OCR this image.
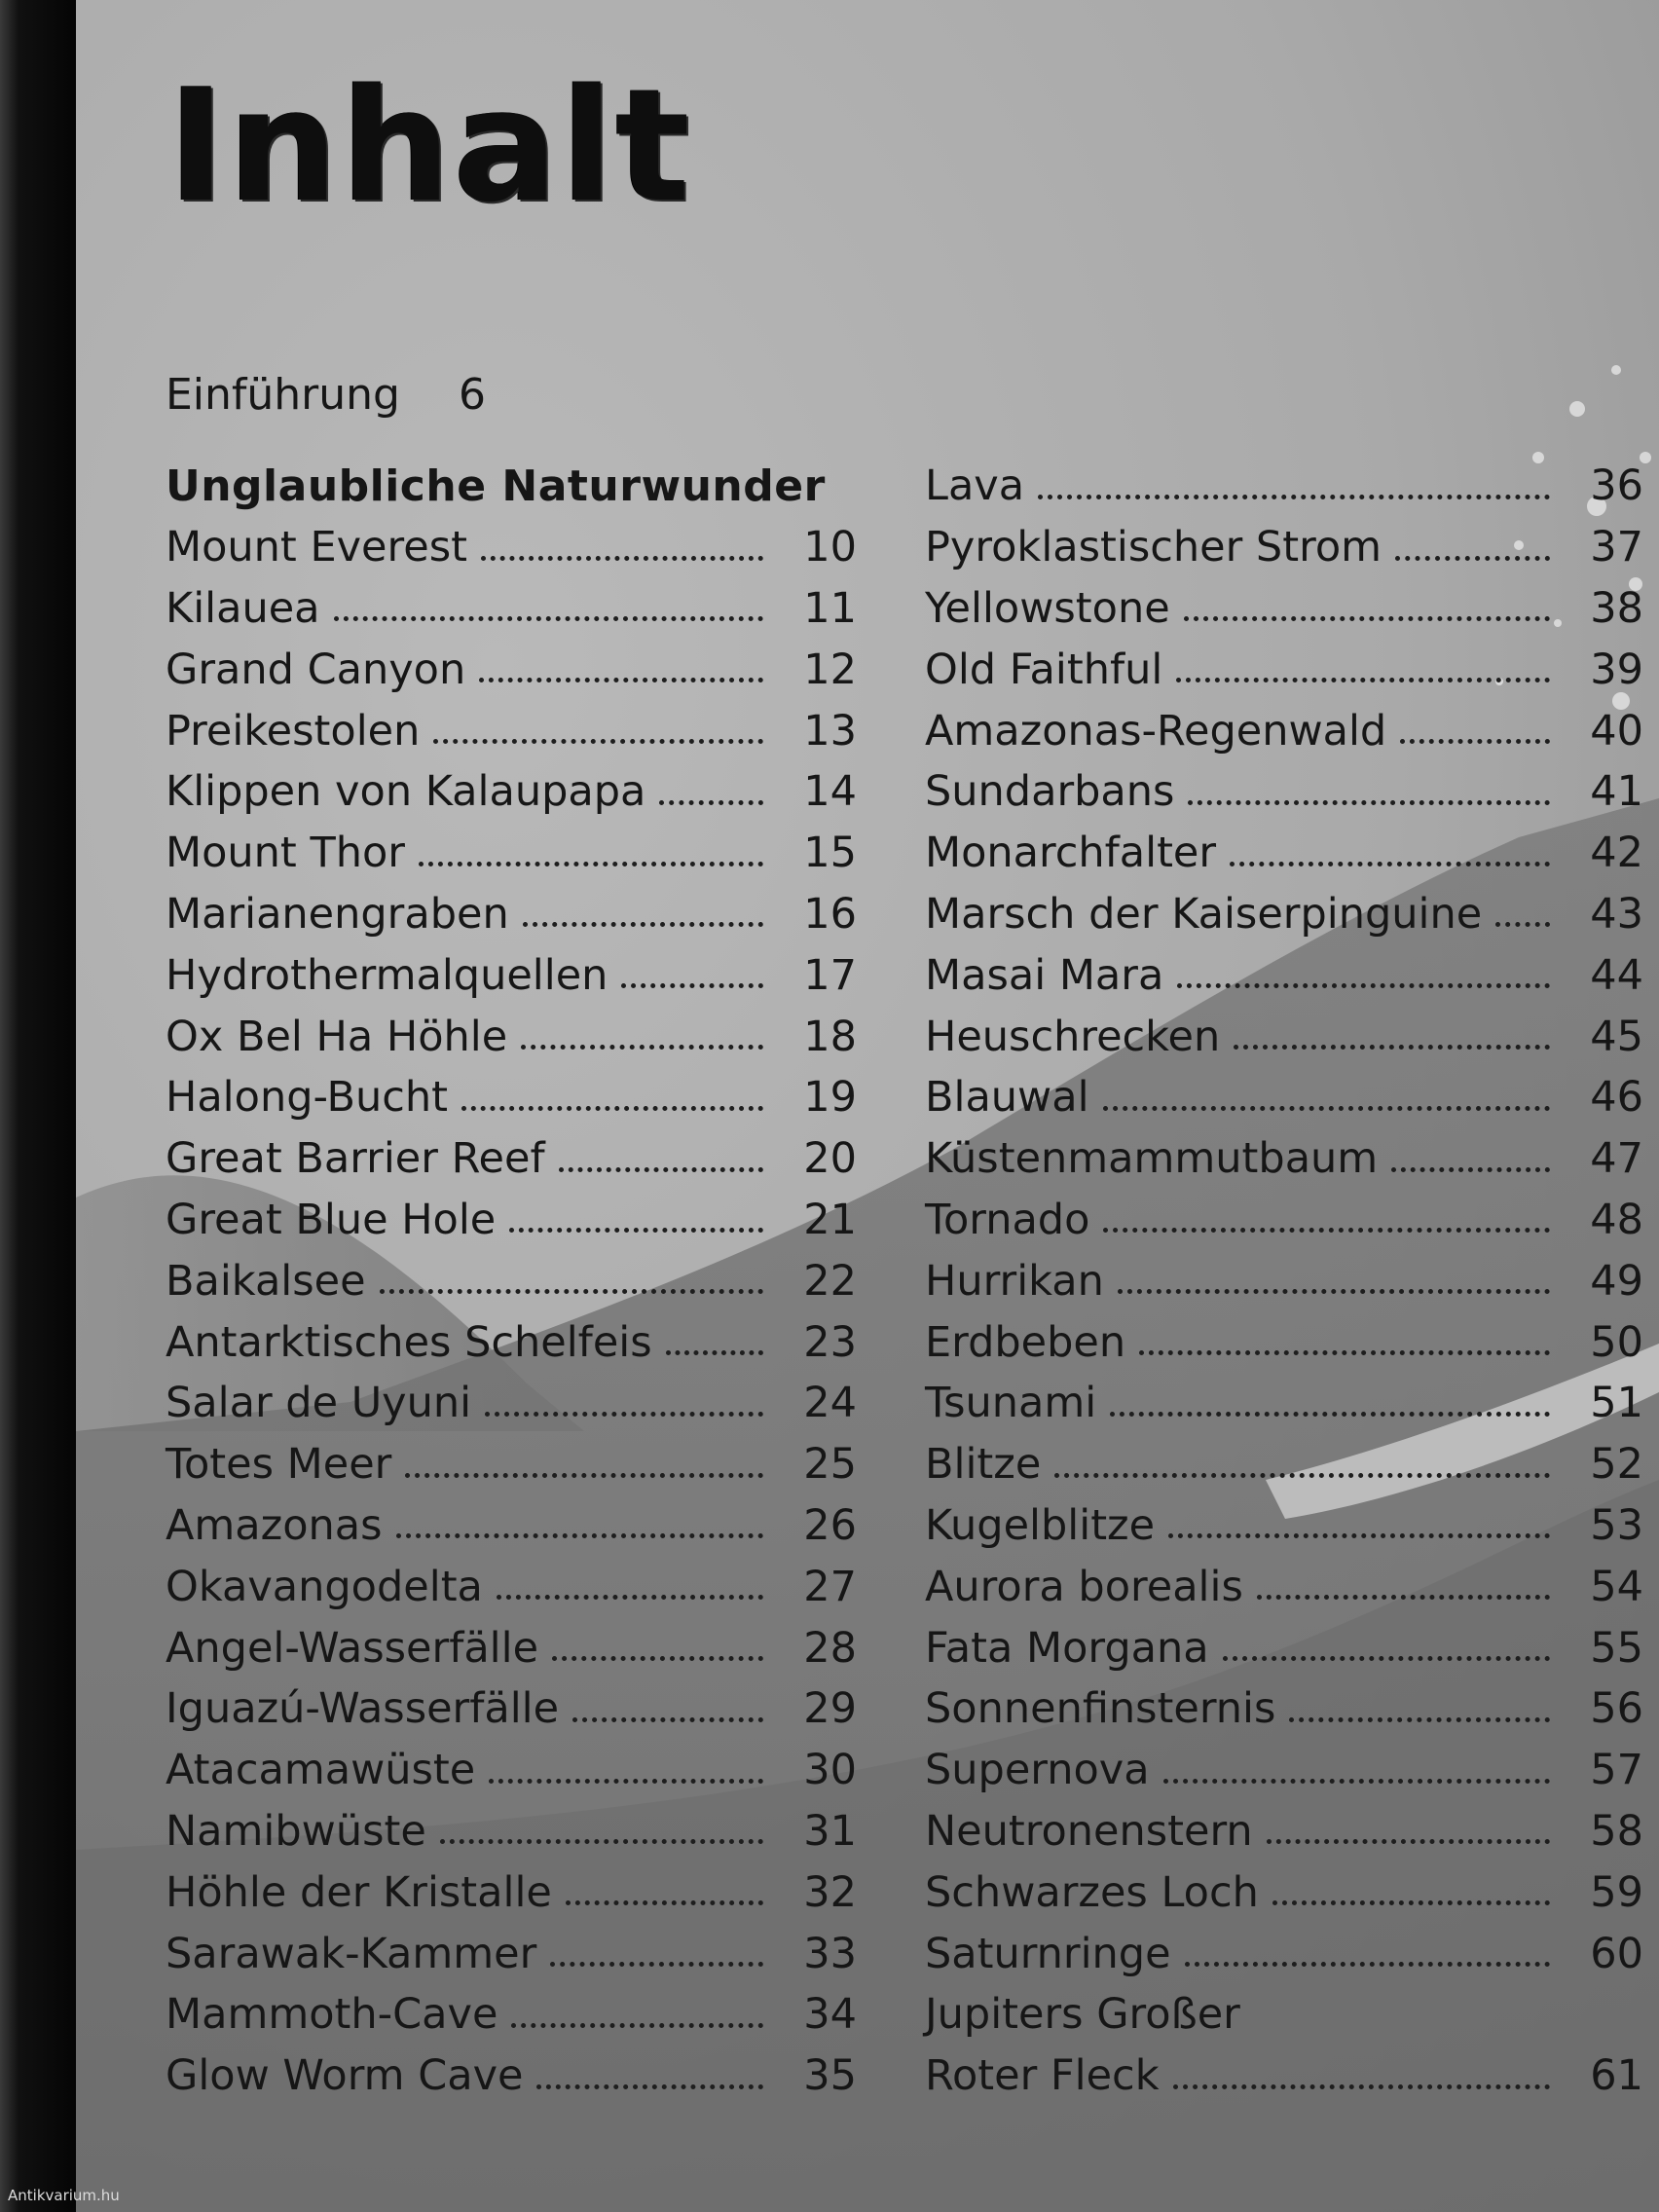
Inhalt
Einführung 6
Unglaubliche Naturwunder
Mount Everest	10
Kilauea	11
Grand Canyon	12
Preikestolen	13
Klippen von Kalaupapa	14
Mount Thor	15
Marianengraben	16
Hydrothermalquellen	17
Ox Bel Ha Höhle	18
Halong-Bucht	19
Great Barrier Reef	20
Great Blue Hole	21
Baikalsee	22
Antarktisches Schelfeis	23
Salar de Uyuni	24
Totes Meer	25
Amazonas	26
Okavangodelta	27
Angel-Wasserfälle	28
Iguazú-Wasserfälle	29
Atacamawüste	30
Namibwüste	31
Höhle der Kristalle	32
Sarawak-Kammer	33
Mammoth-Cave	34
Glow Worm Cave	35
Lava	36
Pyroklastischer Strom	37
Yellowstone	38
Old Faithful	39
Amazonas-Regenwald	40
Sundarbans	41
Monarchfalter	42
Marsch der Kaiserpinguine	43
Masai Mara	44
Heuschrecken	45
Blauwal	46
Küstenmammutbaum	47
Tornado	48
Hurrikan	49
Erdbeben	50
Tsunami	51
Blitze	52
Kugelblitze	53
Aurora borealis	54
Fata Morgana	55
Sonnenfinsternis	56
Supernova	57
Neutronenstern	58
Schwarzes Loch	59
Saturnringe	60
Jupiters Großer
Roter Fleck	61
Antikvarium.hu
